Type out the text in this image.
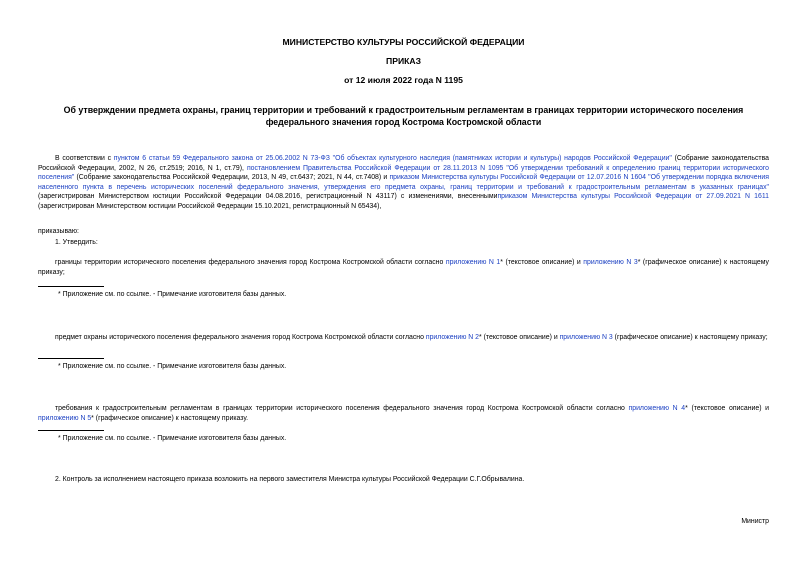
МИНИСТЕРСТВО КУЛЬТУРЫ РОССИЙСКОЙ ФЕДЕРАЦИИ
ПРИКАЗ
от 12 июля 2022 года N 1195
Об утверждении предмета охраны, границ территории и требований к градостроительным регламентам в границах территории исторического поселения
федерального значения город Кострома Костромской области
В соответствии с пунктом 6 статьи 59 Федерального закона от 25.06.2002 N 73-ФЗ "Об объектах культурного наследия (памятниках истории и культуры) народов Российской Федерации" (Собрание законодательства Российской Федерации, 2002, N 26, ст.2519; 2016, N 1, ст.79), постановлением Правительства Российской Федерации от 28.11.2013 N 1095 "Об утверждении требований к определению границ территории исторического поселения" (Собрание законодательства Российской Федерации, 2013, N 49, ст.6437; 2021, N 44, ст.7408) и приказом Министерства культуры Российской Федерации от 12.07.2016 N 1604 "Об утверждении порядка включения населенного пункта в перечень исторических поселений федерального значения, утверждения его предмета охраны, границ территории и требований к градостроительным регламентам в указанных границах" (зарегистрирован Министерством юстиции Российской Федерации 04.08.2016, регистрационный N 43117) с изменениями, внесеннымиприказом Министерства культуры Российской Федерации от 27.09.2021 N 1611 (зарегистрирован Министерством юстиции Российской Федерации 15.10.2021, регистрационный N 65434),
приказываю:
1. Утвердить:
границы территории исторического поселения федерального значения город Кострома Костромской области согласно приложению N 1* (текстовое описание) и приложению N 3* (графическое описание) к настоящему приказу;
* Приложение см. по ссылке. - Примечание изготовителя базы данных.
предмет охраны исторического поселения федерального значения город Кострома Костромской области согласно приложению N 2* (текстовое описание) и приложению N 3 (графическое описание) к настоящему приказу;
* Приложение см. по ссылке. - Примечание изготовителя базы данных.
требования к градостроительным регламентам в границах территории исторического поселения федерального значения город Кострома Костромской области согласно приложению N 4* (текстовое описание) и приложению N 5* (графическое описание) к настоящему приказу.
* Приложение см. по ссылке. - Примечание изготовителя базы данных.
2. Контроль за исполнением настоящего приказа возложить на первого заместителя Министра культуры Российской Федерации С.Г.Обрывалина.
Министр
